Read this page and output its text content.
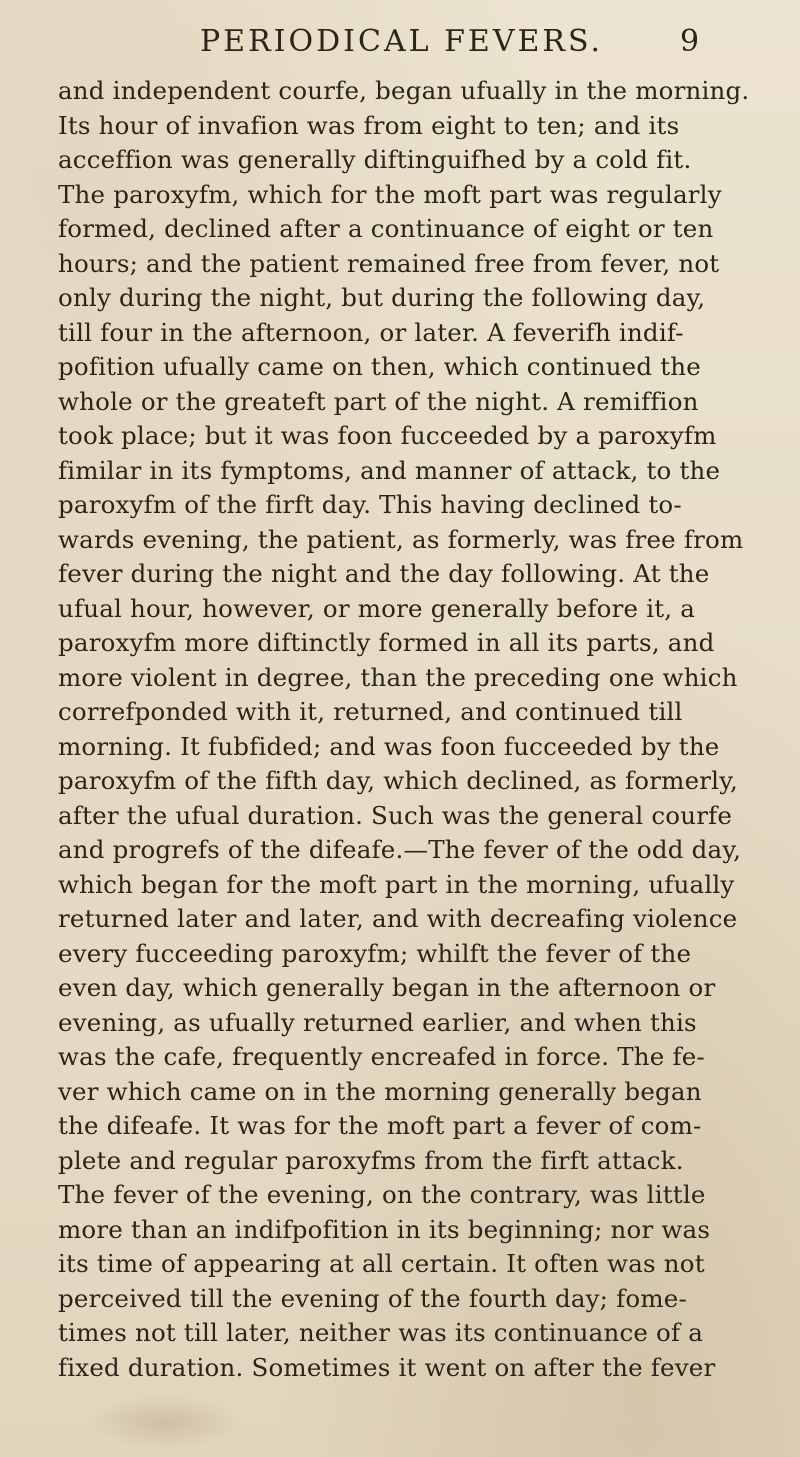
PERIODICAL FEVERS.	9
and independent courfe, began ufually in the morning.
Its hour of invafion was from eight to ten; and its
acceffion was generally diftinguifhed by a cold fit.
The paroxyfm, which for the moft part was regularly
formed, declined after a continuance of eight or ten
hours; and the patient remained free from fever, not
only during the night, but during the following day,
till four in the afternoon, or later. A feverifh indif-
pofition ufually came on then, which continued the
whole or the greateft part of the night. A remiffion
took place; but it was foon fucceeded by a paroxyfm
fimilar in its fymptoms, and manner of attack, to the
paroxyfm of the firft day. This having declined to-
wards evening, the patient, as formerly, was free from
fever during the night and the day following. At the
ufual hour, however, or more generally before it, a
paroxyfm more diftinctly formed in all its parts, and
more violent in degree, than the preceding one which
correfponded with it, returned, and continued till
morning. It fubfided; and was foon fucceeded by the
paroxyfm of the fifth day, which declined, as formerly,
after the ufual duration. Such was the general courfe
and progrefs of the difeafe.—The fever of the odd day,
which began for the moft part in the morning, ufually
returned later and later, and with decreafing violence
every fucceeding paroxyfm; whilft the fever of the
even day, which generally began in the afternoon or
evening, as ufually returned earlier, and when this
was the cafe, frequently encreafed in force. The fe-
ver which came on in the morning generally began
the difeafe. It was for the moft part a fever of com-
plete and regular paroxyfms from the firft attack.
The fever of the evening, on the contrary, was little
more than an indifpofition in its beginning; nor was
its time of appearing at all certain. It often was not
perceived till the evening of the fourth day; fome-
times not till later, neither was its continuance of a
fixed duration. Sometimes it went on after the fever
